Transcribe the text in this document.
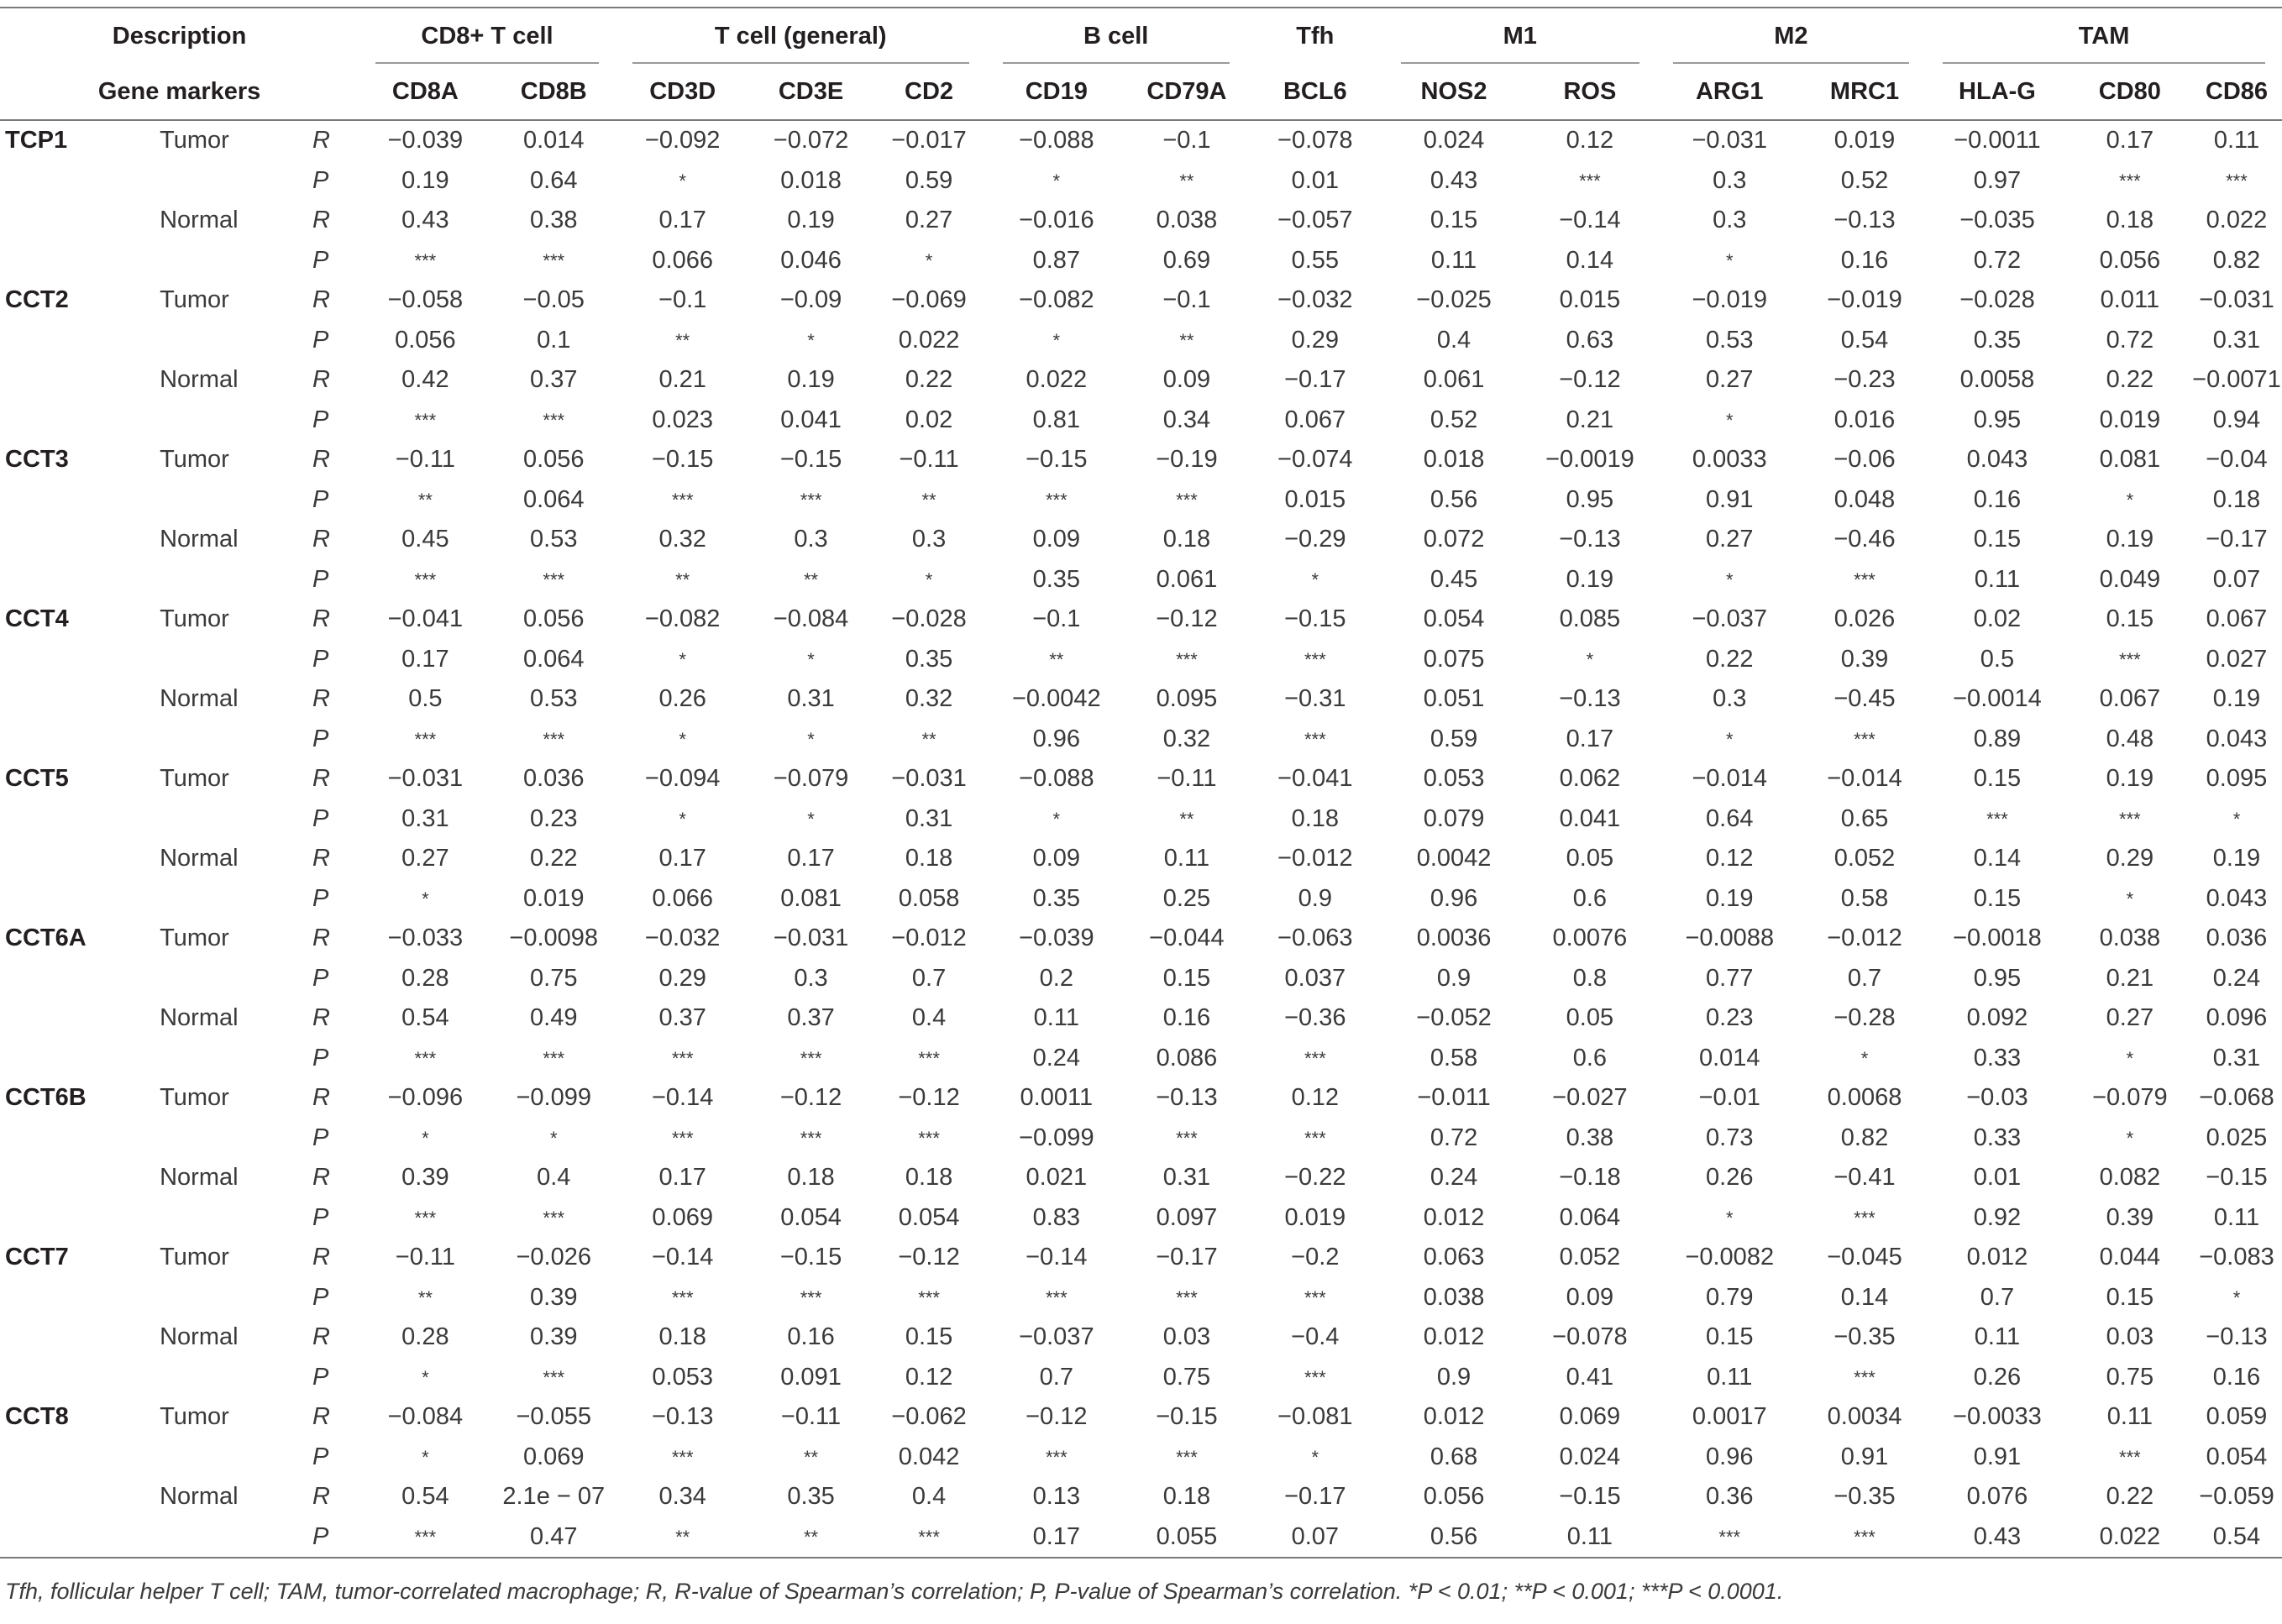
Description			CD8+ T cell		T cell (general)			B cell		Tfh	M1		M2		TAM		
Gene markers			CD8A	CD8B	CD3D	CD3E	CD2	CD19	CD79A	BCL6	NOS2	ROS	ARG1	MRC1	HLA-G	CD80	CD86
TCP1	Tumor	R	−0.039	0.014	−0.092	−0.072	−0.017	−0.088	−0.1	−0.078	0.024	0.12	−0.031	0.019	−0.0011	0.17	0.11
		P	0.19	0.64	*	0.018	0.59	*	**	0.01	0.43	***	0.3	0.52	0.97	***	***
	Normal	R	0.43	0.38	0.17	0.19	0.27	−0.016	0.038	−0.057	0.15	−0.14	0.3	−0.13	−0.035	0.18	0.022
		P	***	***	0.066	0.046	*	0.87	0.69	0.55	0.11	0.14	*	0.16	0.72	0.056	0.82
CCT2	Tumor	R	−0.058	−0.05	−0.1	−0.09	−0.069	−0.082	−0.1	−0.032	−0.025	0.015	−0.019	−0.019	−0.028	0.011	−0.031
		P	0.056	0.1	**	*	0.022	*	**	0.29	0.4	0.63	0.53	0.54	0.35	0.72	0.31
	Normal	R	0.42	0.37	0.21	0.19	0.22	0.022	0.09	−0.17	0.061	−0.12	0.27	−0.23	0.0058	0.22	−0.0071
		P	***	***	0.023	0.041	0.02	0.81	0.34	0.067	0.52	0.21	*	0.016	0.95	0.019	0.94
CCT3	Tumor	R	−0.11	0.056	−0.15	−0.15	−0.11	−0.15	−0.19	−0.074	0.018	−0.0019	0.0033	−0.06	0.043	0.081	−0.04
		P	**	0.064	***	***	**	***	***	0.015	0.56	0.95	0.91	0.048	0.16	*	0.18
	Normal	R	0.45	0.53	0.32	0.3	0.3	0.09	0.18	−0.29	0.072	−0.13	0.27	−0.46	0.15	0.19	−0.17
		P	***	***	**	**	*	0.35	0.061	*	0.45	0.19	*	***	0.11	0.049	0.07
CCT4	Tumor	R	−0.041	0.056	−0.082	−0.084	−0.028	−0.1	−0.12	−0.15	0.054	0.085	−0.037	0.026	0.02	0.15	0.067
		P	0.17	0.064	*	*	0.35	**	***	***	0.075	*	0.22	0.39	0.5	***	0.027
	Normal	R	0.5	0.53	0.26	0.31	0.32	−0.0042	0.095	−0.31	0.051	−0.13	0.3	−0.45	−0.0014	0.067	0.19
		P	***	***	*	*	**	0.96	0.32	***	0.59	0.17	*	***	0.89	0.48	0.043
CCT5	Tumor	R	−0.031	0.036	−0.094	−0.079	−0.031	−0.088	−0.11	−0.041	0.053	0.062	−0.014	−0.014	0.15	0.19	0.095
		P	0.31	0.23	*	*	0.31	*	**	0.18	0.079	0.041	0.64	0.65	***	***	*
	Normal	R	0.27	0.22	0.17	0.17	0.18	0.09	0.11	−0.012	0.0042	0.05	0.12	0.052	0.14	0.29	0.19
		P	*	0.019	0.066	0.081	0.058	0.35	0.25	0.9	0.96	0.6	0.19	0.58	0.15	*	0.043
CCT6A	Tumor	R	−0.033	−0.0098	−0.032	−0.031	−0.012	−0.039	−0.044	−0.063	0.0036	0.0076	−0.0088	−0.012	−0.0018	0.038	0.036
		P	0.28	0.75	0.29	0.3	0.7	0.2	0.15	0.037	0.9	0.8	0.77	0.7	0.95	0.21	0.24
	Normal	R	0.54	0.49	0.37	0.37	0.4	0.11	0.16	−0.36	−0.052	0.05	0.23	−0.28	0.092	0.27	0.096
		P	***	***	***	***	***	0.24	0.086	***	0.58	0.6	0.014	*	0.33	*	0.31
CCT6B	Tumor	R	−0.096	−0.099	−0.14	−0.12	−0.12	0.0011	−0.13	0.12	−0.011	−0.027	−0.01	0.0068	−0.03	−0.079	−0.068
		P	*	*	***	***	***	−0.099	***	***	0.72	0.38	0.73	0.82	0.33	*	0.025
	Normal	R	0.39	0.4	0.17	0.18	0.18	0.021	0.31	−0.22	0.24	−0.18	0.26	−0.41	0.01	0.082	−0.15
		P	***	***	0.069	0.054	0.054	0.83	0.097	0.019	0.012	0.064	*	***	0.92	0.39	0.11
CCT7	Tumor	R	−0.11	−0.026	−0.14	−0.15	−0.12	−0.14	−0.17	−0.2	0.063	0.052	−0.0082	−0.045	0.012	0.044	−0.083
		P	**	0.39	***	***	***	***	***	***	0.038	0.09	0.79	0.14	0.7	0.15	*
	Normal	R	0.28	0.39	0.18	0.16	0.15	−0.037	0.03	−0.4	0.012	−0.078	0.15	−0.35	0.11	0.03	−0.13
		P	*	***	0.053	0.091	0.12	0.7	0.75	***	0.9	0.41	0.11	***	0.26	0.75	0.16
CCT8	Tumor	R	−0.084	−0.055	−0.13	−0.11	−0.062	−0.12	−0.15	−0.081	0.012	0.069	0.0017	0.0034	−0.0033	0.11	0.059
		P	*	0.069	***	**	0.042	***	***	*	0.68	0.024	0.96	0.91	0.91	***	0.054
	Normal	R	0.54	2.1e − 07	0.34	0.35	0.4	0.13	0.18	−0.17	0.056	−0.15	0.36	−0.35	0.076	0.22	−0.059
		P	***	0.47	**	**	***	0.17	0.055	0.07	0.56	0.11	***	***	0.43	0.022	0.54
Tfh, follicular helper T cell; TAM, tumor-correlated macrophage; R, R-value of Spearman’s correlation; P, P-value of Spearman’s correlation. *P < 0.01; **P < 0.001; ***P < 0.0001.
